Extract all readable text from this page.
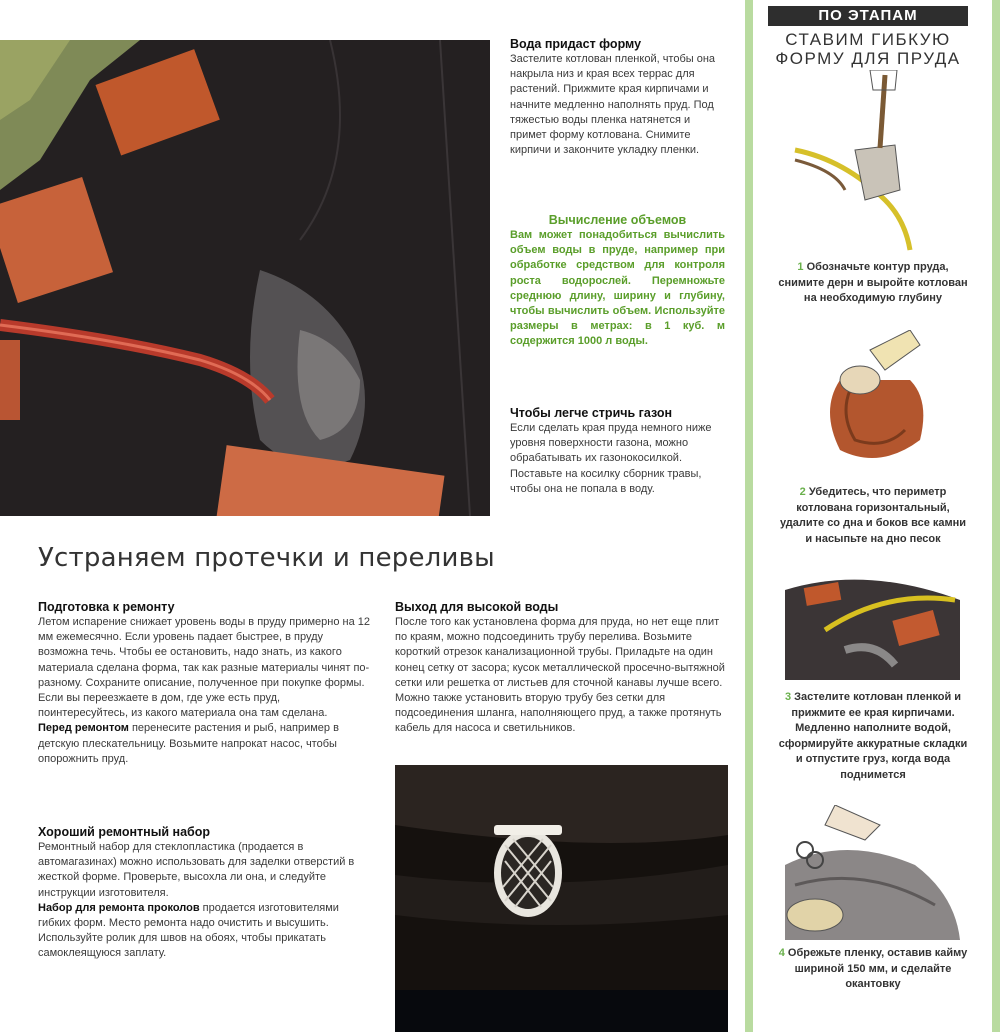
Вода придаст форму

Застелите котлован пленкой, чтобы она накрыла низ и края всех террас для растений. Прижмите края кирпичами и начните медленно наполнять пруд. Под тяжестью воды пленка натянется и примет форму котлована. Снимите кирпичи и закончите укладку пленки.

Вычисление объемов

Вам может понадобиться вычислить объем воды в пруде, например при обработке средством для контроля роста водорослей. Перемножьте среднюю длину, ширину и глубину, чтобы вычислить объем. Используйте размеры в метрах: в 1 куб. м содержится 1000 л воды.

Чтобы легче стричь газон

Если сделать края пруда немного ниже уровня поверхности газона, можно обрабатывать их газонокосилкой. Поставьте на косилку сборник травы, чтобы она не попала в воду.

Устраняем протечки и переливы
Подготовка к ремонту

Летом испарение снижает уровень воды в пруду примерно на 12 мм ежемесячно. Если уровень падает быстрее, в пруду возможна течь. Чтобы ее остановить, надо знать, из какого материала сделана форма, так как разные материалы чинят по-разному. Сохраните описание, полученное при покупке формы. Если вы переезжаете в дом, где уже есть пруд, поинтересуйтесь, из какого материала она там сделана.

Перед ремонтом перенесите растения и рыб, например в детскую плескательницу. Возьмите напрокат насос, чтобы опорожнить пруд.

Хороший ремонтный набор

Ремонтный набор для стеклопластика (продается в автомагазинах) можно использовать для заделки отверстий в жесткой форме. Проверьте, высохла ли она, и следуйте инструкции изготовителя.

Набор для ремонта проколов продается изготовителями гибких форм. Место ремонта надо очистить и высушить. Используйте ролик для швов на обоях, чтобы прикатать самоклеящуюся заплату.

Выход для высокой воды

После того как установлена форма для пруда, но нет еще плит по краям, можно подсоединить трубу перелива. Возьмите короткий отрезок канализационной трубы. Приладьте на один конец сетку от засора; кусок металлической просечно-вытяжной сетки или решетка от листьев для сточной канавы лучше всего. Можно также установить вторую трубу без сетки для подсоединения шланга, наполняющего пруд, а также протянуть кабель для насоса и светильников.

ПО ЭТАПАМ
СТАВИМ ГИБКУЮ ФОРМУ ДЛЯ ПРУДА
1 Обозначьте контур пруда, снимите дерн и выройте котлован на необходимую глубину
2 Убедитесь, что периметр котлована горизонтальный, удалите со дна и боков все камни и насыпьте на дно песок
3 Застелите котлован пленкой и прижмите ее края кирпичами. Медленно наполните водой, сформируйте аккуратные складки и отпустите груз, когда вода поднимется
4 Обрежьте пленку, оставив кайму шириной 150 мм, и сделайте окантовку
